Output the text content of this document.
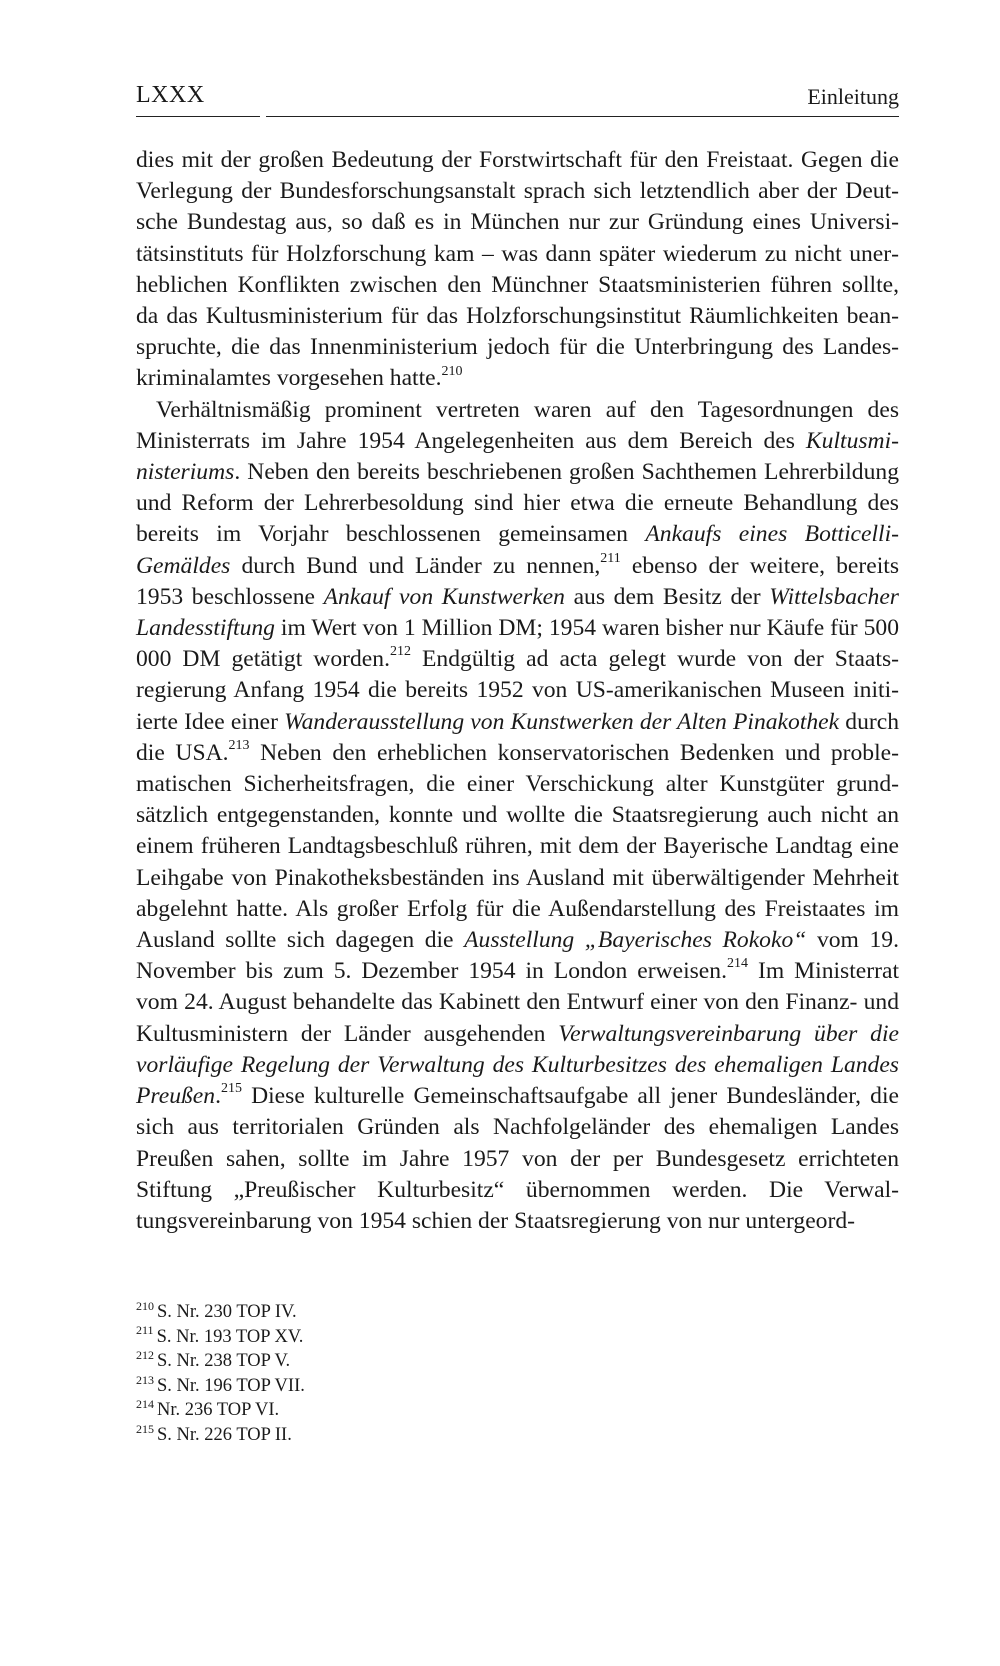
LXXX	Einleitung

dies mit der großen Bedeutung der Forstwirtschaft für den Freistaat. Gegen die Verlegung der Bundesforschungsanstalt sprach sich letztendlich aber der Deutsche Bundestag aus, so daß es in München nur zur Gründung eines Universitätsinstituts für Holzforschung kam – was dann später wiederum zu nicht unerheblichen Konflikten zwischen den Münchner Staatsministerien führen sollte, da das Kultusministerium für das Holzforschungsinstitut Räumlichkeiten beanspruchte, die das Innenministerium jedoch für die Unterbringung des Landeskriminalamtes vorgesehen hatte.$^{210}$

Verhältnismäßig prominent vertreten waren auf den Tagesordnungen des Ministerrats im Jahre 1954 Angelegenheiten aus dem Bereich des Kultusministeriums. Neben den bereits beschriebenen großen Sachthemen Lehrerbildung und Reform der Lehrerbesoldung sind hier etwa die erneute Behandlung des bereits im Vorjahr beschlossenen gemeinsamen Ankaufs eines Botticelli-Gemäldes durch Bund und Länder zu nennen,$^{211}$ ebenso der weitere, bereits 1953 beschlossene Ankauf von Kunstwerken aus dem Besitz der Wittelsbacher Landesstiftung im Wert von 1 Million DM; 1954 waren bisher nur Käufe für 500 000 DM getätigt worden.$^{212}$ Endgültig ad acta gelegt wurde von der Staatsregierung Anfang 1954 die bereits 1952 von US-amerikanischen Museen initiierte Idee einer Wanderausstellung von Kunstwerken der Alten Pinakothek durch die USA.$^{213}$ Neben den erheblichen konservatorischen Bedenken und problematischen Sicherheitsfragen, die einer Verschickung alter Kunstgüter grundsätzlich entgegenstanden, konnte und wollte die Staatsregierung auch nicht an einem früheren Landtagsbeschluß rühren, mit dem der Bayerische Landtag eine Leihgabe von Pinakotheksbeständen ins Ausland mit überwältigender Mehrheit abgelehnt hatte. Als großer Erfolg für die Außendarstellung des Freistaates im Ausland sollte sich dagegen die Ausstellung „Bayerisches Rokoko“ vom 19. November bis zum 5. Dezember 1954 in London erweisen.$^{214}$ Im Ministerrat vom 24. August behandelte das Kabinett den Entwurf einer von den Finanz- und Kultusministern der Länder ausgehenden Verwaltungsvereinbarung über die vorläufige Regelung der Verwaltung des Kulturbesitzes des ehemaligen Landes Preußen.$^{215}$ Diese kulturelle Gemeinschaftsaufgabe all jener Bundesländer, die sich aus territorialen Gründen als Nachfolgeländer des ehemaligen Landes Preußen sahen, sollte im Jahre 1957 von der per Bundesgesetz errichteten Stiftung „Preußischer Kulturbesitz“ übernommen werden. Die Verwaltungsvereinbarung von 1954 schien der Staatsregierung von nur untergeord-

$^{210}$ S. Nr. 230 TOP IV.
$^{211}$ S. Nr. 193 TOP XV.
$^{212}$ S. Nr. 238 TOP V.
$^{213}$ S. Nr. 196 TOP VII.
$^{214}$ Nr. 236 TOP VI.
$^{215}$ S. Nr. 226 TOP II.
